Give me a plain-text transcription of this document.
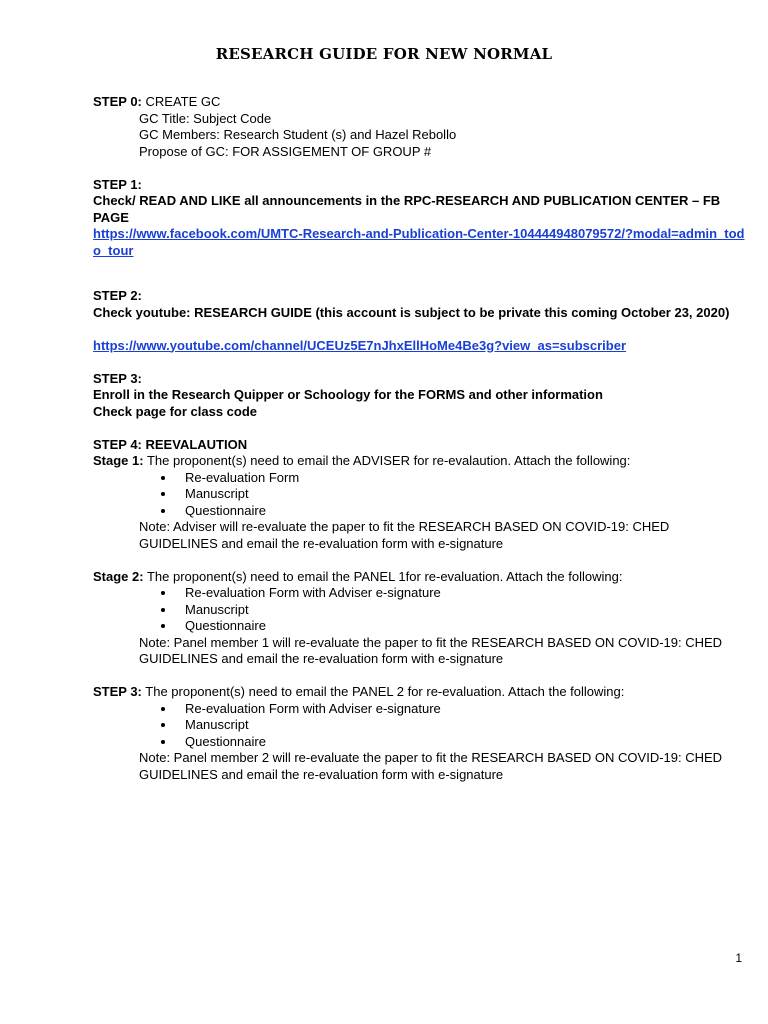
RESEARCH GUIDE FOR NEW NORMAL

STEP 0: CREATE GC

GC Title: Subject Code

GC Members: Research Student (s) and Hazel Rebollo

Propose of GC: FOR ASSIGEMENT OF GROUP #

STEP 1:

Check/ READ AND LIKE all announcements in the RPC-RESEARCH AND PUBLICATION CENTER – FB PAGE

https://www.facebook.com/UMTC-Research-and-Publication-Center-104444948079572/?modal=admin_todo_tour

STEP 2:

Check youtube: RESEARCH GUIDE (this account is subject to be private this coming October 23, 2020)

https://www.youtube.com/channel/UCEUz5E7nJhxEllHoMe4Be3g?view_as=subscriber

STEP 3:

Enroll in the Research Quipper or Schoology for the FORMS and other information

Check page for class code

STEP 4: REEVALAUTION

Stage 1: The proponent(s) need to email the ADVISER for re-evalaution. Attach the following:

Re-evaluation Form
Manuscript
Questionnaire

Note: Adviser will re-evaluate the paper to fit the RESEARCH BASED ON COVID-19: CHED GUIDELINES and email the re-evaluation form with e-signature

Stage 2: The proponent(s) need to email the PANEL 1for re-evaluation. Attach the following:

Re-evaluation Form with Adviser e-signature
Manuscript
Questionnaire

Note: Panel member 1 will re-evaluate the paper to fit the RESEARCH BASED ON COVID-19: CHED GUIDELINES and email the re-evaluation form with e-signature

STEP 3: The proponent(s) need to email the PANEL 2 for re-evaluation. Attach the following:

Re-evaluation Form with Adviser e-signature
Manuscript
Questionnaire

Note: Panel member 2 will re-evaluate the paper to fit the RESEARCH BASED ON COVID-19: CHED GUIDELINES and email the re-evaluation form with e-signature

1
